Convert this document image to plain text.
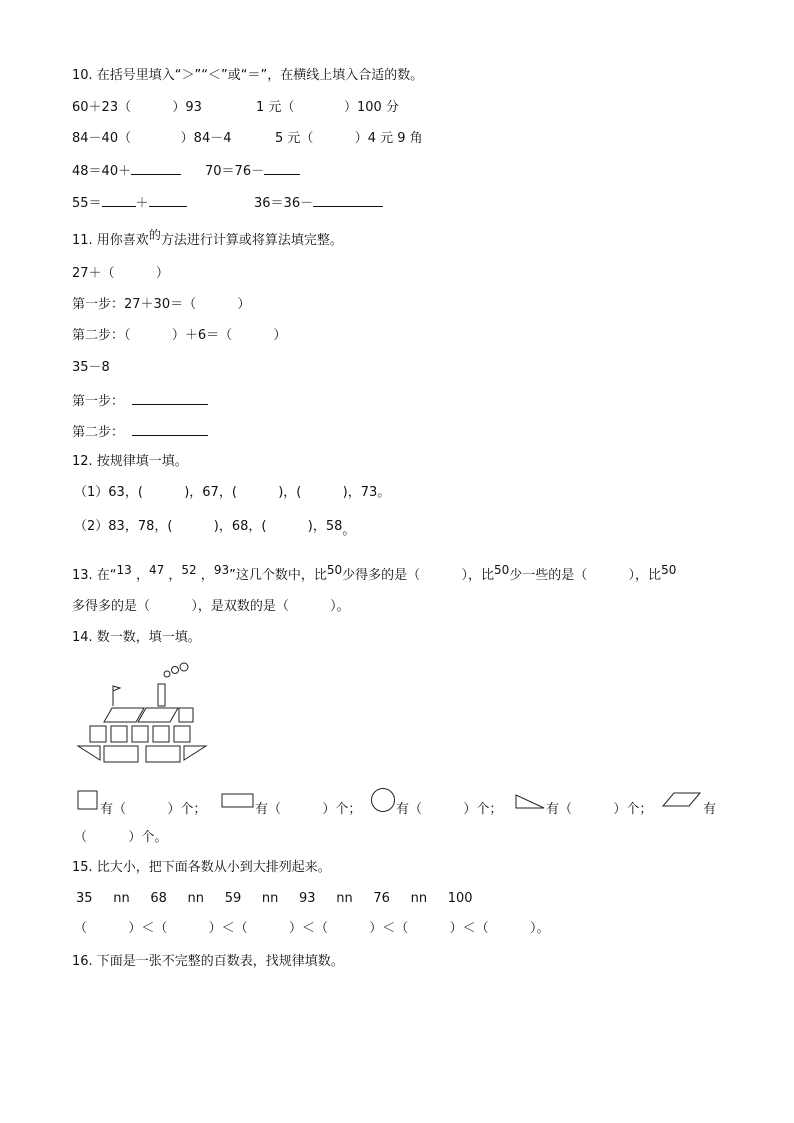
10. 在括号里填入“＞”“＜”或“＝”，在横线上填入合适的数。
60＋23（          ）93	1 元（            ）100 分
84－40（            ）84－4	5 元（          ）4 元 9 角
48＝40＋	70＝76－
55＝	＋	36＝36－
11. 用你喜欢的方法进行计算或将算法填完整。
27＋（          ）
第一步：27＋30＝（          ）
第二步：（          ）＋6＝（          ）
35－8
第一步：
第二步：
12. 按规律填一填。
（1）63，(          )，67，(          )，(          )，73。
（2）83，78，(          )，68，(          )，58。
13. 在“13 ，47 ，52 ，93”这几个数中，比50少得多的是（          ），比50少一些的是（          ），比50
多得多的是（          ），是双数的是（          ）。
14. 数一数，填一填。
有（          ）个；	有（          ）个；	有（          ）个；	有（          ）个；	有
（          ）个。
15. 比大小，把下面各数从小到大排列起来。
35     nn     68     nn     59     nn     93     nn     76     nn     100
（          ）＜（          ）＜（          ）＜（          ）＜（          ）＜（          ）。
16. 下面是一张不完整的百数表，找规律填数。
